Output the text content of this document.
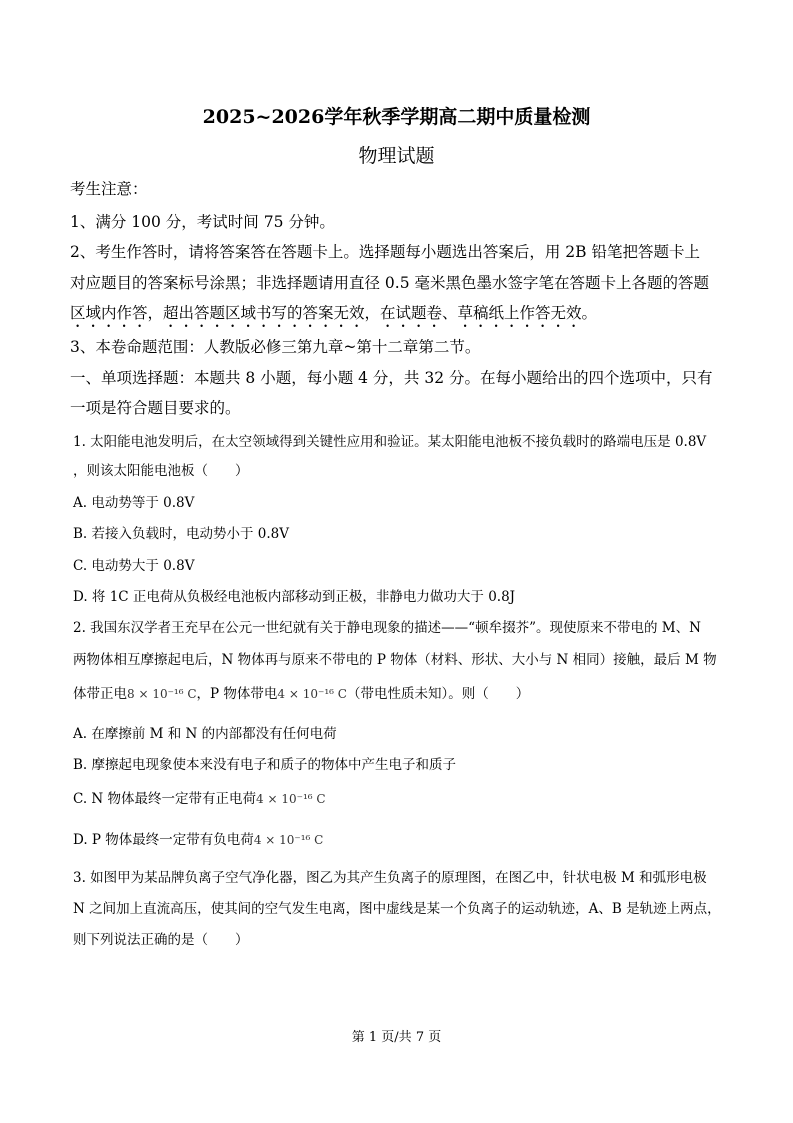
2025~2026学年秋季学期高二期中质量检测
物理试题
考生注意：
1、满分 100 分，考试时间 75 分钟。
2、考生作答时，请将答案答在答题卡上。选择题每小题选出答案后，用 2B 铅笔把答题卡上
对应题目的答案标号涂黑；非选择题请用直径 0.5 毫米黑色墨水签字笔在答题卡上各题的答题
区域内作答，超出答题区域书写的答案无效，在试题卷、草稿纸上作答无效。
3、本卷命题范围：人教版必修三第九章~第十二章第二节。
一、单项选择题：本题共 8 小题，每小题 4 分，共 32 分。在每小题给出的四个选项中，只有
一项是符合题目要求的。
1. 太阳能电池发明后，在太空领域得到关键性应用和验证。某太阳能电池板不接负载时的路端电压是 0.8V
，则该太阳能电池板（　　）
A. 电动势等于 0.8V
B. 若接入负载时，电动势小于 0.8V
C. 电动势大于 0.8V
D. 将 1C 正电荷从负极经电池板内部移动到正极，非静电力做功大于 0.8J
2. 我国东汉学者王充早在公元一世纪就有关于静电现象的描述——“顿牟掇芥”。现使原来不带电的 M、N
两物体相互摩擦起电后，N 物体再与原来不带电的 P 物体（材料、形状、大小与 N 相同）接触，最后 M 物
体带正电8 × 10⁻¹⁶ C，P 物体带电4 × 10⁻¹⁶ C（带电性质未知）。则（　　）
A. 在摩擦前 M 和 N 的内部都没有任何电荷
B. 摩擦起电现象使本来没有电子和质子的物体中产生电子和质子
C. N 物体最终一定带有正电荷4 × 10⁻¹⁶ C
D. P 物体最终一定带有负电荷4 × 10⁻¹⁶ C
3. 如图甲为某品牌负离子空气净化器，图乙为其产生负离子的原理图，在图乙中，针状电极 M 和弧形电极
N 之间加上直流高压，使其间的空气发生电离，图中虚线是某一个负离子的运动轨迹，A、B 是轨迹上两点，
则下列说法正确的是（　　）
第 1 页/共 7 页
